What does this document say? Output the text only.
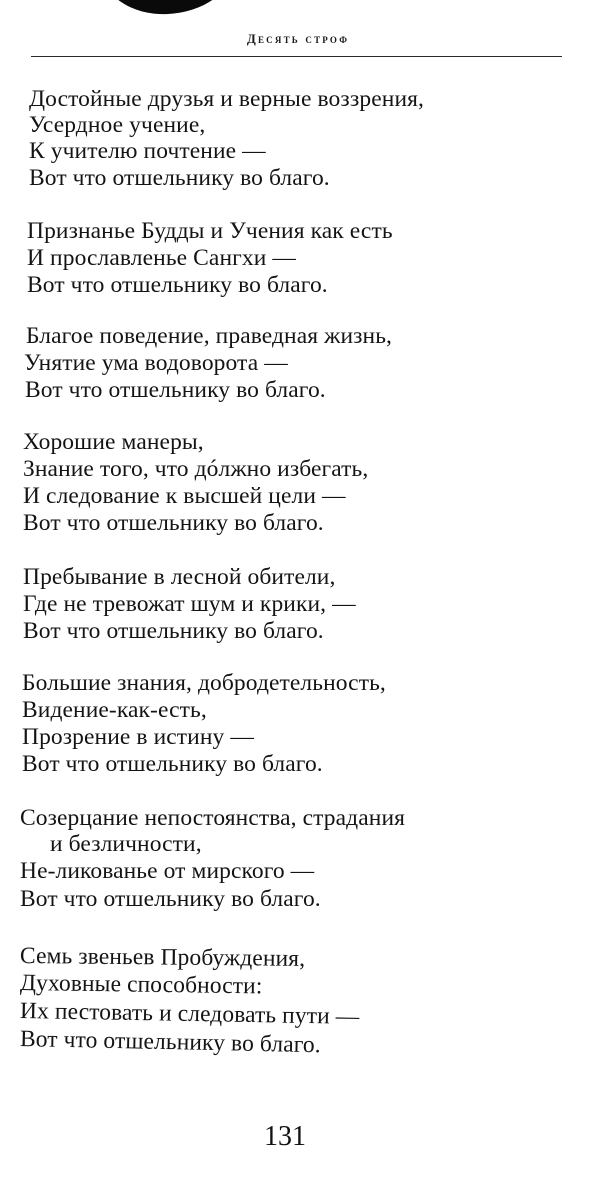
Десять строф
Достойные друзья и верные воззрения,
Усердное учение,
К учителю почтение —
Вот что отшельнику во благо.
Признанье Будды и Учения как есть
И прославленье Сангхи —
Вот что отшельнику во благо.
Благое поведение, праведная жизнь,
Унятие ума водоворота —
Вот что отшельнику во благо.
Хорошие манеры,
Знание того, что дóлжно избегать,
И следование к высшей цели —
Вот что отшельнику во благо.
Пребывание в лесной обители,
Где не тревожат шум и крики, —
Вот что отшельнику во благо.
Большие знания, добродетельность,
Видение-как-есть,
Прозрение в истину —
Вот что отшельнику во благо.
Созерцание непостоянства, страдания
и безличности,
Не-ликованье от мирского —
Вот что отшельнику во благо.
Семь звеньев Пробуждения,
Духовные способности:
Их пестовать и следовать пути —
Вот что отшельнику во благо.
131
